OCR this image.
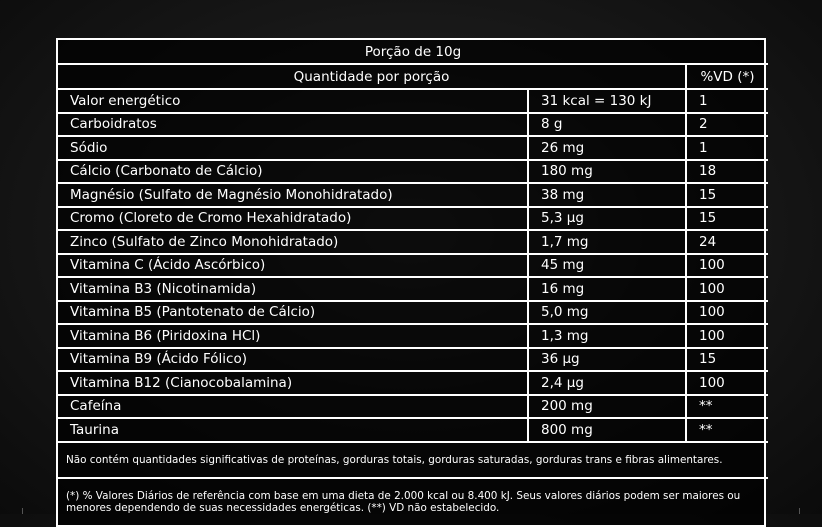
Porção de 10g		
Quantidade por porção		%VD (*)
Valor energético	31 kcal = 130 kJ	1
Carboidratos	8 g	2
Sódio	26 mg	1
Cálcio (Carbonato de Cálcio)	180 mg	18
Magnésio (Sulfato de Magnésio Monohidratado)	38 mg	15
Cromo (Cloreto de Cromo Hexahidratado)	5,3 µg	15
Zinco (Sulfato de Zinco Monohidratado)	1,7 mg	24
Vitamina C (Ácido Ascórbico)	45 mg	100
Vitamina B3 (Nicotinamida)	16 mg	100
Vitamina B5 (Pantotenato de Cálcio)	5,0 mg	100
Vitamina B6 (Piridoxina HCl)	1,3 mg	100
Vitamina B9 (Ácido Fólico)	36 µg	15
Vitamina B12 (Cianocobalamina)	2,4 µg	100
Cafeína	200 mg	**
Taurina	800 mg	**
Não contém quantidades significativas de proteínas, gorduras totais, gorduras saturadas, gorduras trans e fibras alimentares.		
(*) % Valores Diários de referência com base em uma dieta de 2.000 kcal ou 8.400 kJ. Seus valores diários podem ser maiores ou menores dependendo de suas necessidades energéticas. (**) VD não estabelecido.		
